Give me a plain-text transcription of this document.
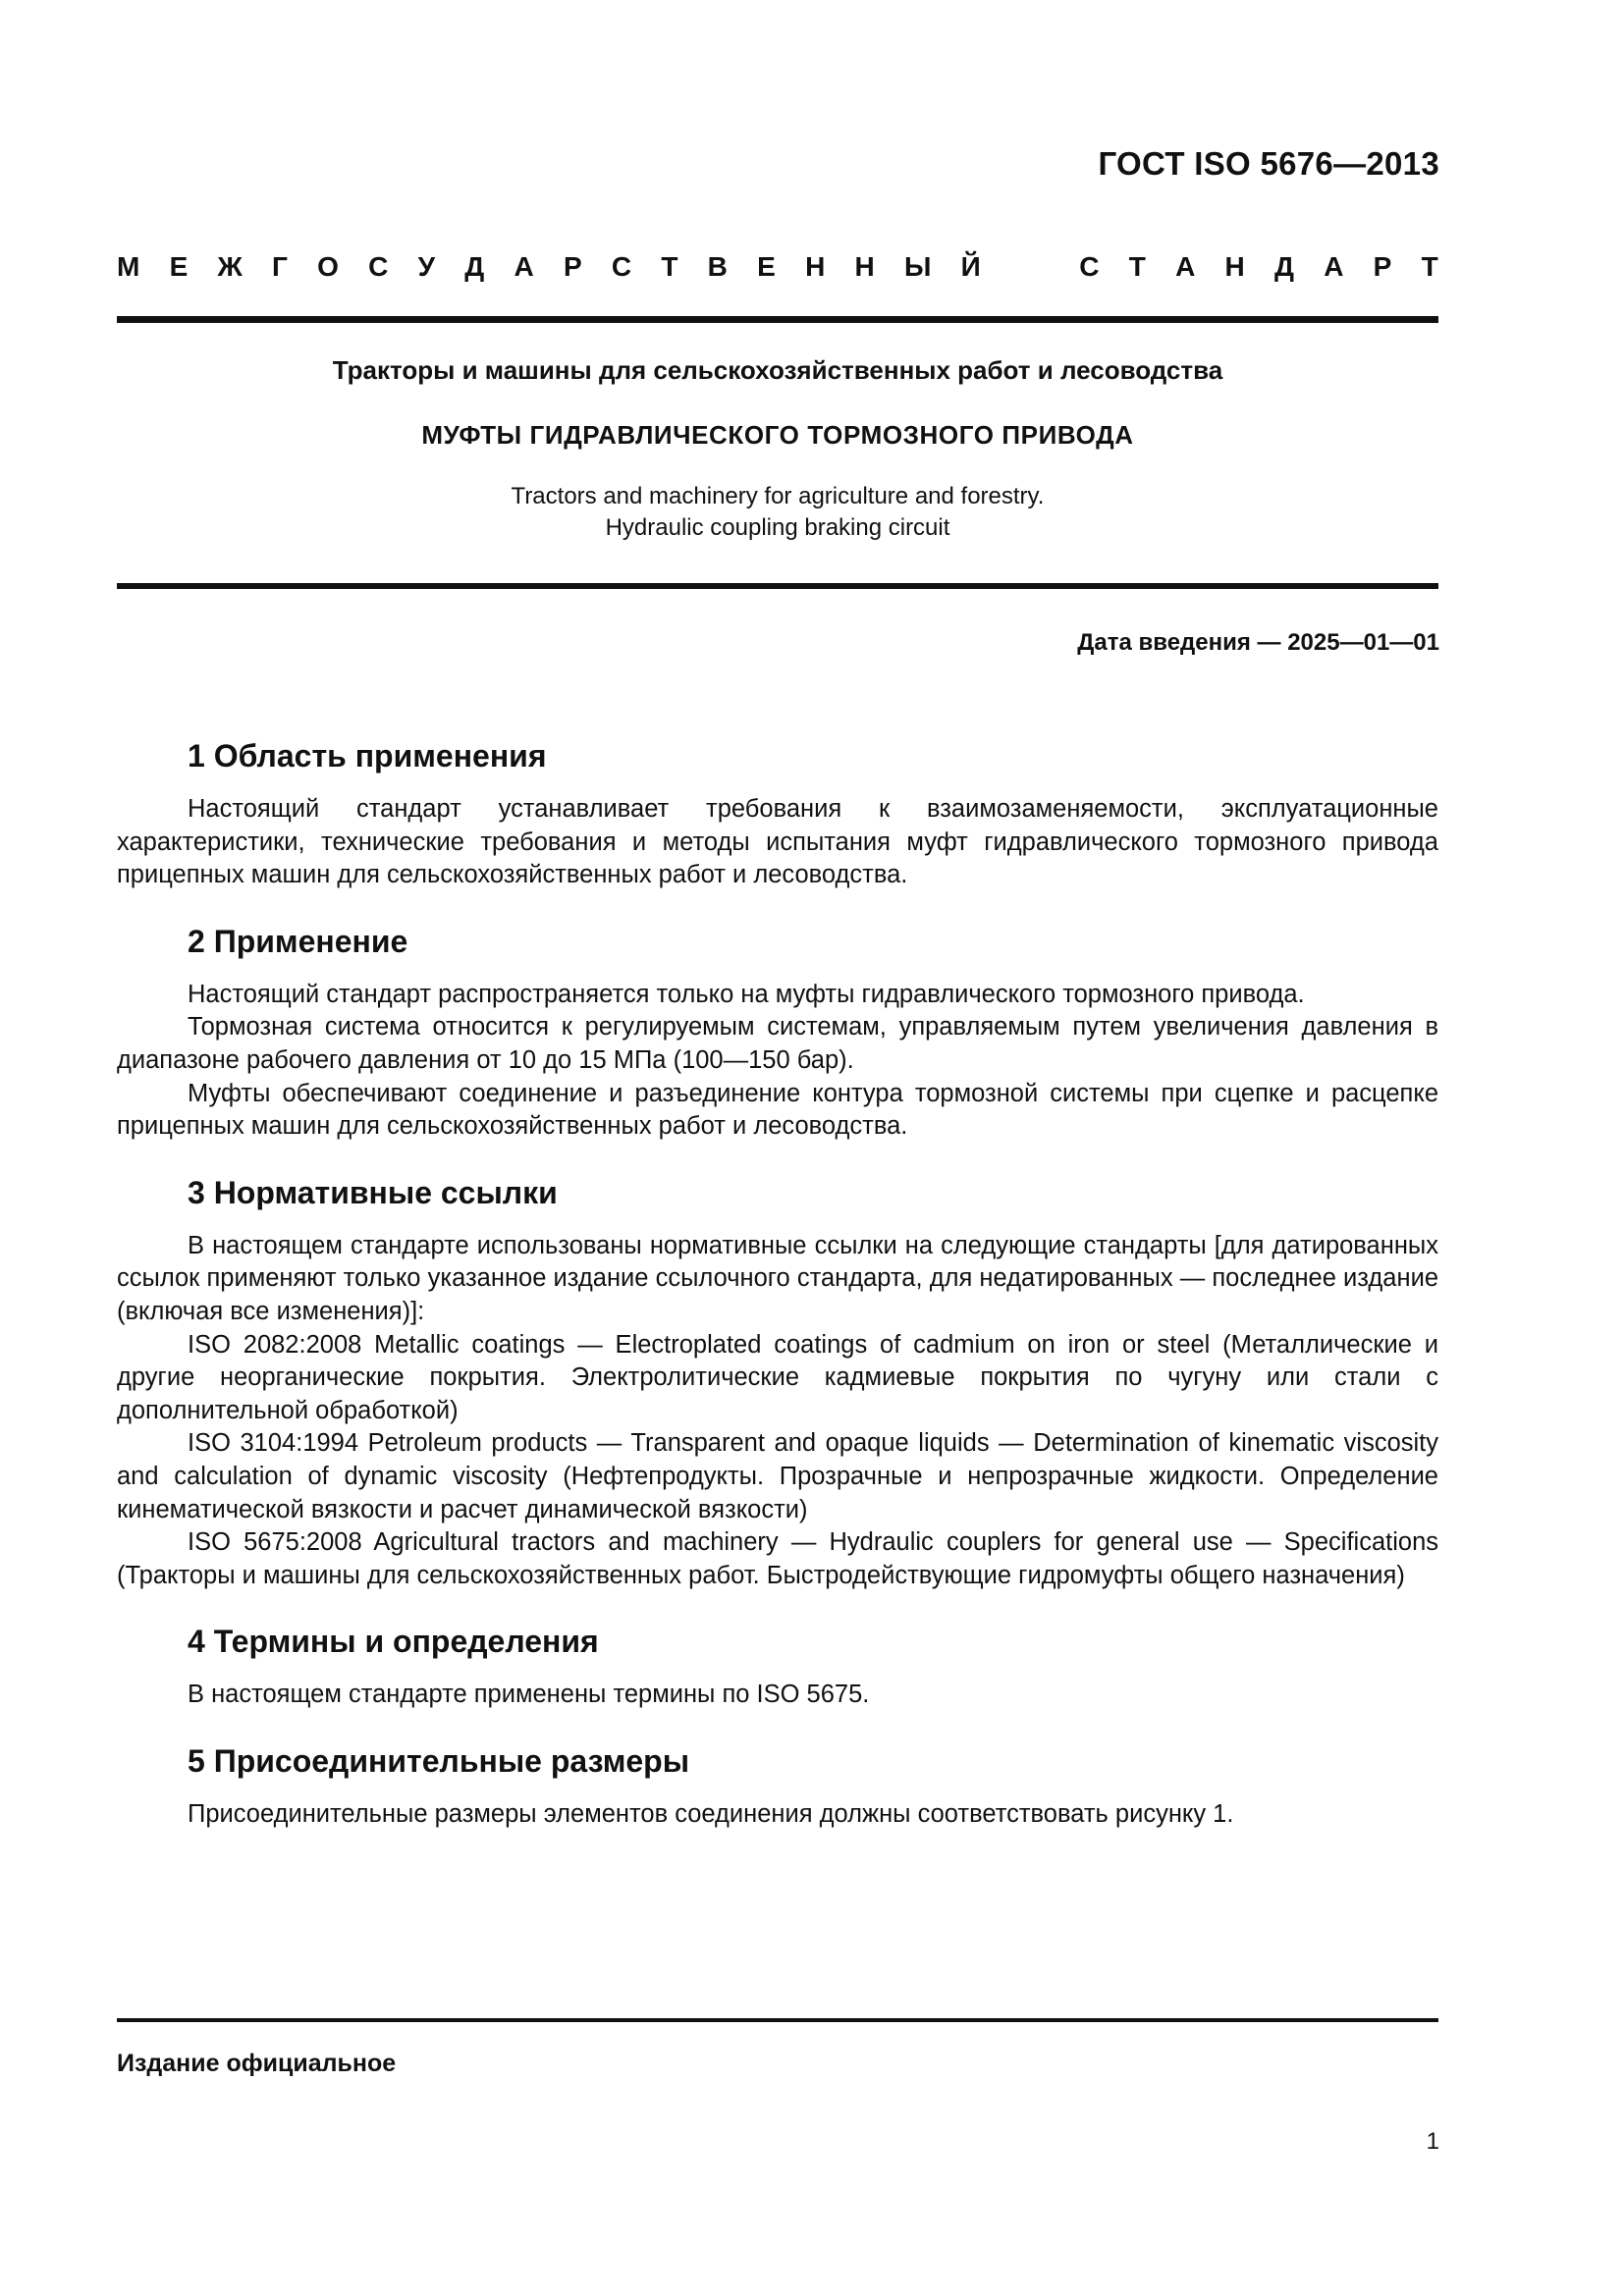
ГОСТ ISO 5676—2013
М Е Ж Г О С У Д А Р С Т В Е Н Н Ы Й	С Т А Н Д А Р Т
Тракторы и машины для сельскохозяйственных работ и лесоводства
МУФТЫ ГИДРАВЛИЧЕСКОГО ТОРМОЗНОГО ПРИВОДА
Tractors and machinery for agriculture and forestry.
Hydraulic coupling braking circuit
Дата введения — 2025—01—01
1 Область применения

Настоящий стандарт устанавливает требования к взаимозаменяемости, эксплуатационные характеристики, технические требования и методы испытания муфт гидравлического тормозного привода прицепных машин для сельскохозяйственных работ и лесоводства.

2 Применение

Настоящий стандарт распространяется только на муфты гидравлического тормозного привода.

Тормозная система относится к регулируемым системам, управляемым путем увеличения давления в диапазоне рабочего давления от 10 до 15 МПа (100—150 бар).

Муфты обеспечивают соединение и разъединение контура тормозной системы при сцепке и расцепке прицепных машин для сельскохозяйственных работ и лесоводства.

3 Нормативные ссылки

В настоящем стандарте использованы нормативные ссылки на следующие стандарты [для датированных ссылок применяют только указанное издание ссылочного стандарта, для недатированных — последнее издание (включая все изменения)]:

ISO 2082:2008 Metallic coatings — Electroplated coatings of cadmium on iron or steel (Металлические и другие неорганические покрытия. Электролитические кадмиевые покрытия по чугуну или стали с дополнительной обработкой)

ISO 3104:1994 Petroleum products — Transparent and opaque liquids — Determination of kinematic viscosity and calculation of dynamic viscosity (Нефтепродукты. Прозрачные и непрозрачные жидкости. Определение кинематической вязкости и расчет динамической вязкости)

ISO 5675:2008 Agricultural tractors and machinery — Hydraulic couplers for general use — Specifications (Тракторы и машины для сельскохозяйственных работ. Быстродействующие гидромуфты общего назначения)

4 Термины и определения

В настоящем стандарте применены термины по ISO 5675.

5 Присоединительные размеры

Присоединительные размеры элементов соединения должны соответствовать рисунку 1.

Издание официальное
1
